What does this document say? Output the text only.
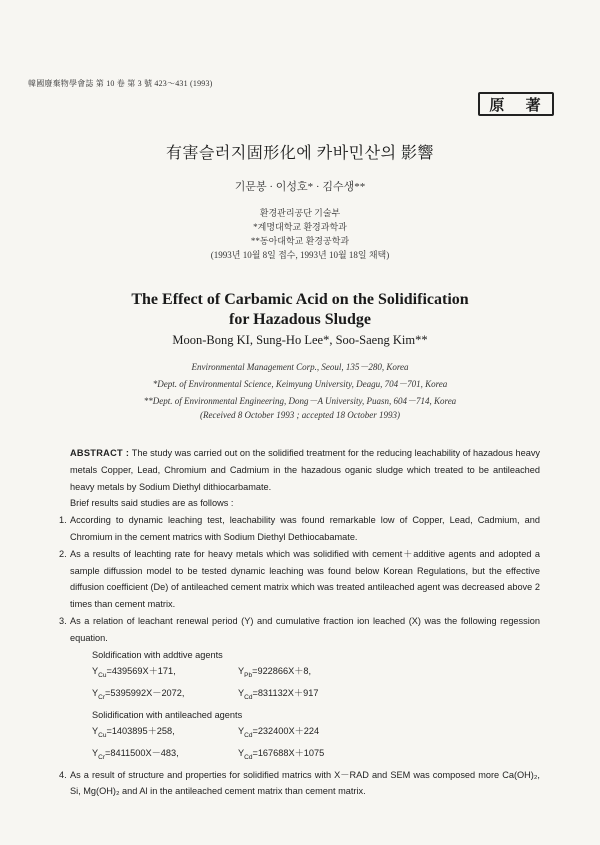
韓國廢棄物學會誌 第 10 卷 第 3 號 423～431 (1993)
原 著
有害슬러지固形化에 카바민산의 影響
기문봉 · 이성호* · 김수생**
환경관리공단 기술부
*계명대학교 환경과학과
**동아대학교 환경공학과
(1993년 10월 8일 접수, 1993년 10월 18일 채택)
The Effect of Carbamic Acid on the Solidification
for Hazadous Sludge
Moon-Bong KI, Sung-Ho Lee*, Soo-Saeng Kim**
Environmental Management Corp., Seoul, 135－280, Korea
*Dept. of Environmental Science, Keimyung University, Deagu, 704－701, Korea
**Dept. of Environmental Engineering, Dong－A University, Puasn, 604－714, Korea
(Received 8 October 1993 ; accepted 18 October 1993)

ABSTRACT : The study was carried out on the solidified treatment for the reducing leachability of hazadous heavy metals Copper, Lead, Chromium and Cadmium in the hazadous oganic sludge which treated to be antileached heavy metals by Sodium Diethyl dithiocarbamate.

Brief results said studies are as follows :

1. According to dynamic leaching test, leachability was found remarkable low of Copper, Lead, Cadmium, and Chromium in the cement matrics with Sodium Diethyl Dethiocabamate.
2. As a results of leachting rate for heavy metals which was solidified with cement＋additive agents and adopted a sample diffussion model to be tested dynamic leaching was found below Korean Regulations, but the effective diffusion coefficient (De) of antileached cement matrix which was treated antileached agent was decreased above 2 times than cement matrix.
3. As a relation of leachant renewal period (Y) and cumulative fraction ion leached (X) was the following regession equation.
Soldification with addtive agents
$Y_{Cu}=439569X+171$,	$Y_{Pb}=922866X+8$,
$Y_{Cr}=5395992X-2072$,	$Y_{Cd}=831132X+917$
Solidification with antileached agents
$Y_{Cu}=1403895+258$,	$Y_{Cd}=232400X+224$
$Y_{Cr}=8411500X-483$,	$Y_{Cd}=167688X+1075$
4. As a result of structure and properties for solidified matrics with X－RAD and SEM was composed more Ca(OH)₂, Si, Mg(OH)₂ and Al in the antileached cement matrix than cement matrix.
